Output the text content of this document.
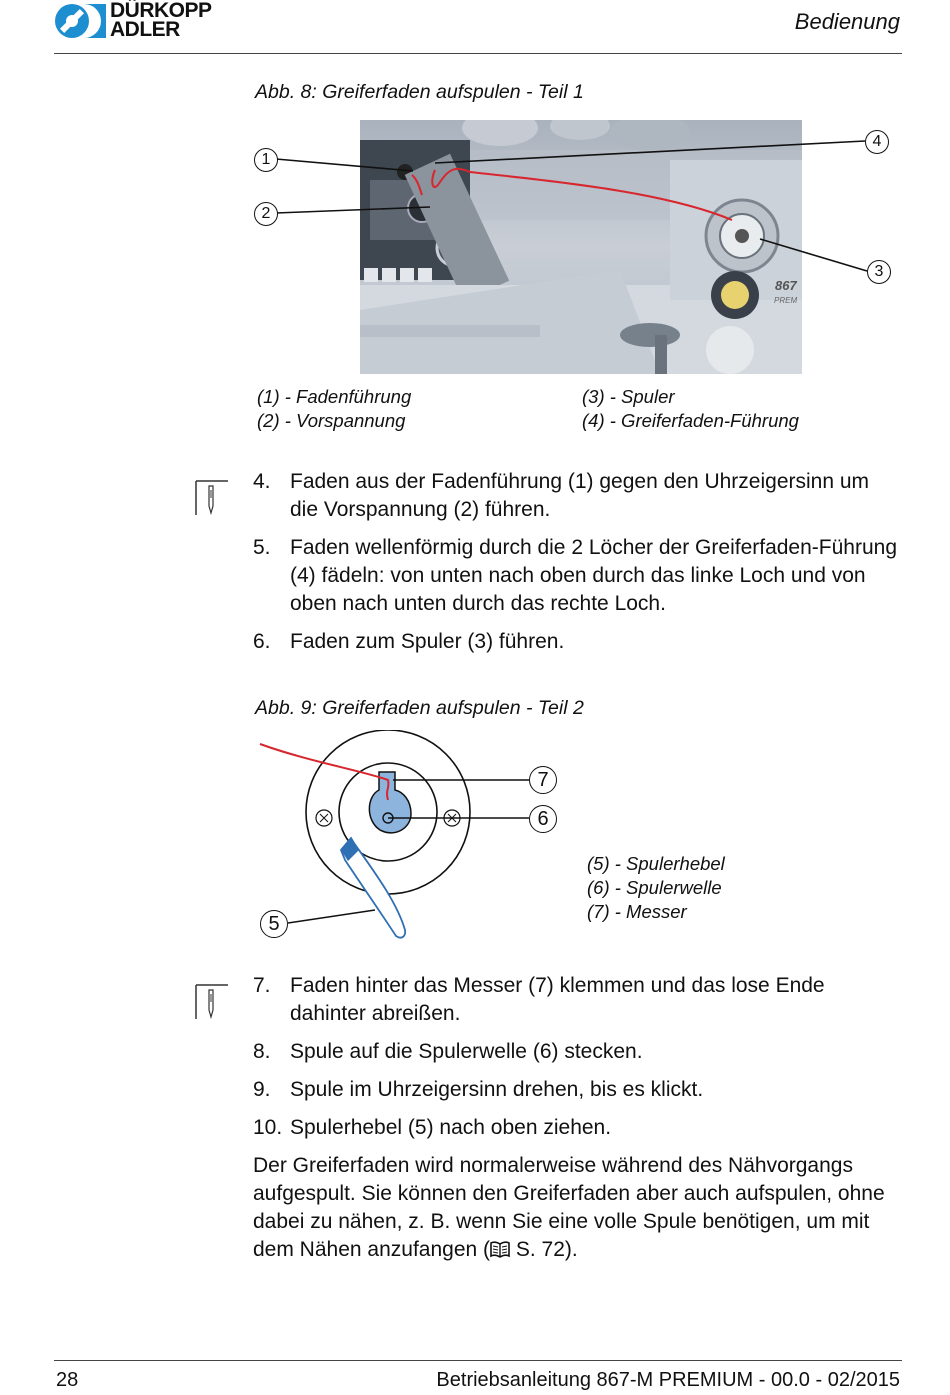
DÜRKOPP
ADLER	Bedienung
Abb. 8: Greiferfaden aufspulen - Teil 1
867
PREM
1
2
3
4
(1) - Fadenführung
(2) - Vorspannung
(3) - Spuler
(4) - Greiferfaden-Führung
4. Faden aus der Fadenführung (1) gegen den Uhrzeigersinn um die Vorspannung (2) führen.
5. Faden wellenförmig durch die 2 Löcher der Greiferfaden-Führung (4) fädeln: von unten nach oben durch das linke Loch und von oben nach unten durch das rechte Loch.
6. Faden zum Spuler (3) führen.
Abb. 9: Greiferfaden aufspulen - Teil 2
7
6
5
(5) - Spulerhebel
(6) - Spulerwelle
(7) - Messer
7. Faden hinter das Messer (7) klemmen und das lose Ende dahinter abreißen.
8. Spule auf die Spulerwelle (6) stecken.
9. Spule im Uhrzeigersinn drehen, bis es klickt.
10. Spulerhebel (5) nach oben ziehen.
Der Greiferfaden wird normalerweise während des Nähvorgangs aufgespult. Sie können den Greiferfaden aber auch aufspulen, ohne dabei zu nähen, z. B. wenn Sie eine volle Spule benötigen, um mit dem Nähen anzufangen ( S. 72).
28	Betriebsanleitung 867-M PREMIUM - 00.0 - 02/2015
